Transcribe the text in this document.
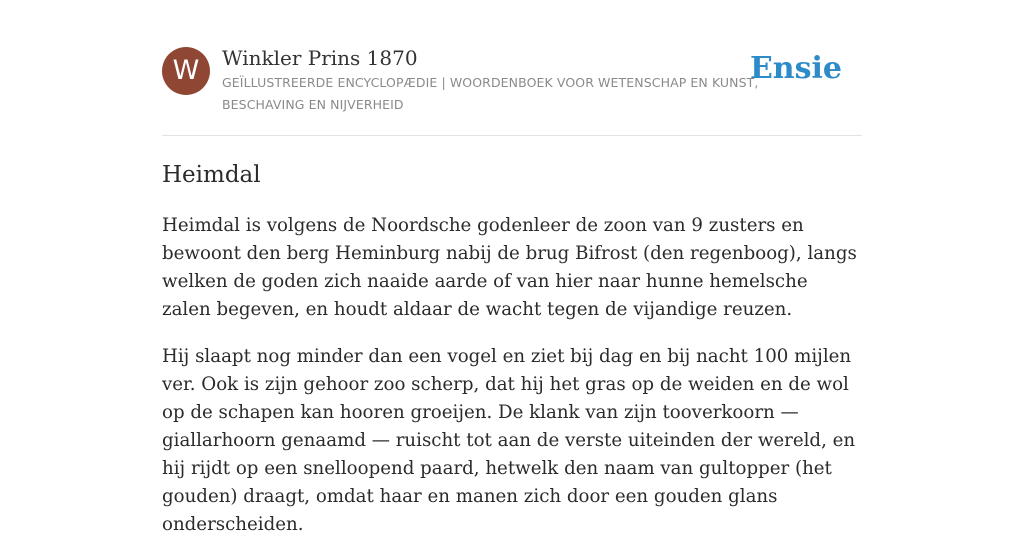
W	Winkler Prins 1870
GEÏLLUSTREERDE ENCYCLOPÆDIE | WOORDENBOEK VOOR WETENSCHAP EN KUNST, BESCHAVING EN NIJVERHEID
Ensie
Heimdal

Heimdal is volgens de Noordsche godenleer de zoon van 9 zusters en bewoont den berg Heminburg nabij de brug Bifrost (den regenboog), langs welken de goden zich naaide aarde of van hier naar hunne hemelsche zalen begeven, en houdt aldaar de wacht tegen de vijandige reuzen.

Hij slaapt nog minder dan een vogel en ziet bij dag en bij nacht 100 mijlen ver. Ook is zijn gehoor zoo scherp, dat hij het gras op de weiden en de wol op de schapen kan hooren groeijen. De klank van zijn tooverkoorn — giallarhoorn genaamd — ruischt tot aan de verste uiteinden der wereld, en hij rijdt op een snelloopend paard, hetwelk den naam van gultopper (het gouden) draagt, omdat haar en manen zich door een gouden glans onderscheiden.
